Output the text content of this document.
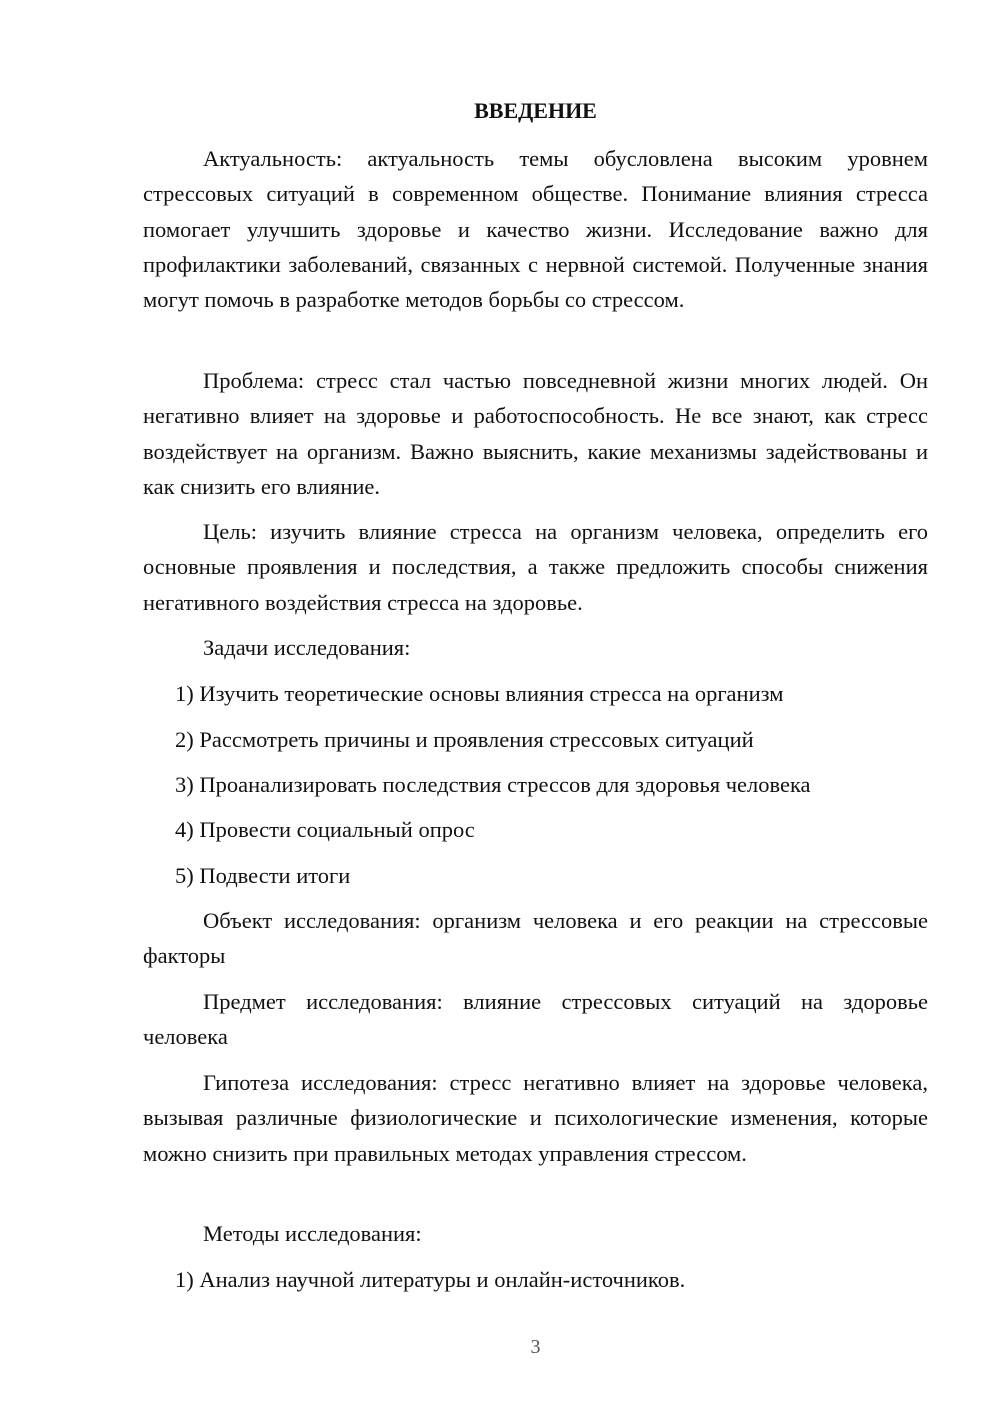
ВВЕДЕНИЕ

Актуальность: актуальность темы обусловлена высоким уровнем стрессовых ситуаций в современном обществе. Понимание влияния стресса помогает улучшить здоровье и качество жизни. Исследование важно для профилактики заболеваний, связанных с нервной системой. Полученные знания могут помочь в разработке методов борьбы со стрессом.

Проблема: стресс стал частью повседневной жизни многих людей. Он негативно влияет на здоровье и работоспособность. Не все знают, как стресс воздействует на организм. Важно выяснить, какие механизмы задействованы и как снизить его влияние.

Цель: изучить влияние стресса на организм человека, определить его основные проявления и последствия, а также предложить способы снижения негативного воздействия стресса на здоровье.

Задачи исследования:

1) Изучить теоретические основы влияния стресса на организм

2) Рассмотреть причины и проявления стрессовых ситуаций

3) Проанализировать последствия стрессов для здоровья человека

4) Провести социальный опрос

5) Подвести итоги

Объект исследования: организм человека и его реакции на стрессовые факторы

Предмет исследования: влияние стрессовых ситуаций на здоровье человека

Гипотеза исследования: стресс негативно влияет на здоровье человека, вызывая различные физиологические и психологические изменения, которые можно снизить при правильных методах управления стрессом.

Методы исследования:

1) Анализ научной литературы и онлайн-источников.

3
